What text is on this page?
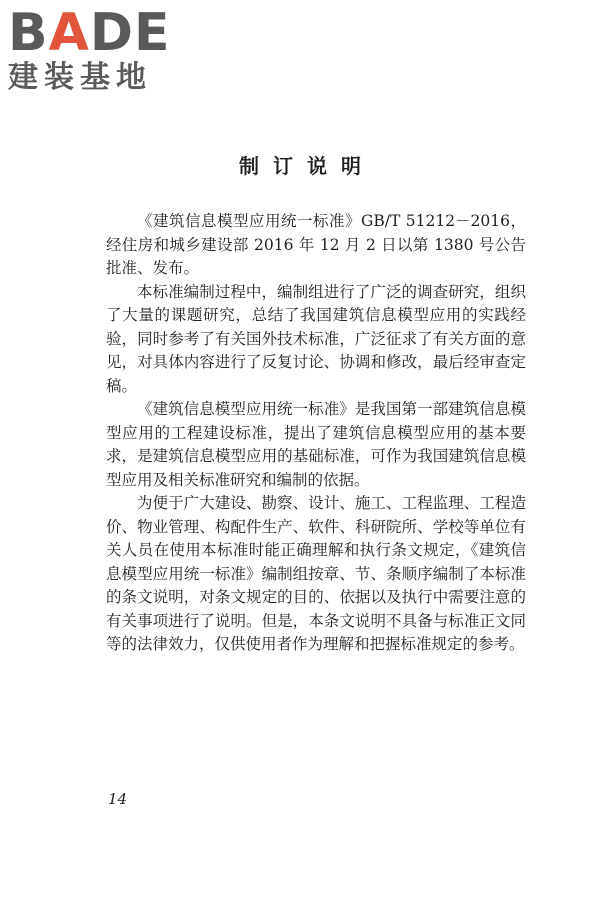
BADE
建装基地
制订说明

《建筑信息模型应用统一标准》GB/T 51212－2016，经住房和城乡建设部 2016 年 12 月 2 日以第 1380 号公告批准、发布。

本标准编制过程中，编制组进行了广泛的调查研究，组织了大量的课题研究，总结了我国建筑信息模型应用的实践经验，同时参考了有关国外技术标准，广泛征求了有关方面的意见，对具体内容进行了反复讨论、协调和修改，最后经审查定稿。

《建筑信息模型应用统一标准》是我国第一部建筑信息模型应用的工程建设标准，提出了建筑信息模型应用的基本要求，是建筑信息模型应用的基础标准，可作为我国建筑信息模型应用及相关标准研究和编制的依据。

为便于广大建设、勘察、设计、施工、工程监理、工程造价、物业管理、构配件生产、软件、科研院所、学校等单位有关人员在使用本标准时能正确理解和执行条文规定，《建筑信息模型应用统一标准》编制组按章、节、条顺序编制了本标准的条文说明，对条文规定的目的、依据以及执行中需要注意的有关事项进行了说明。但是，本条文说明不具备与标准正文同等的法律效力，仅供使用者作为理解和把握标准规定的参考。

14
